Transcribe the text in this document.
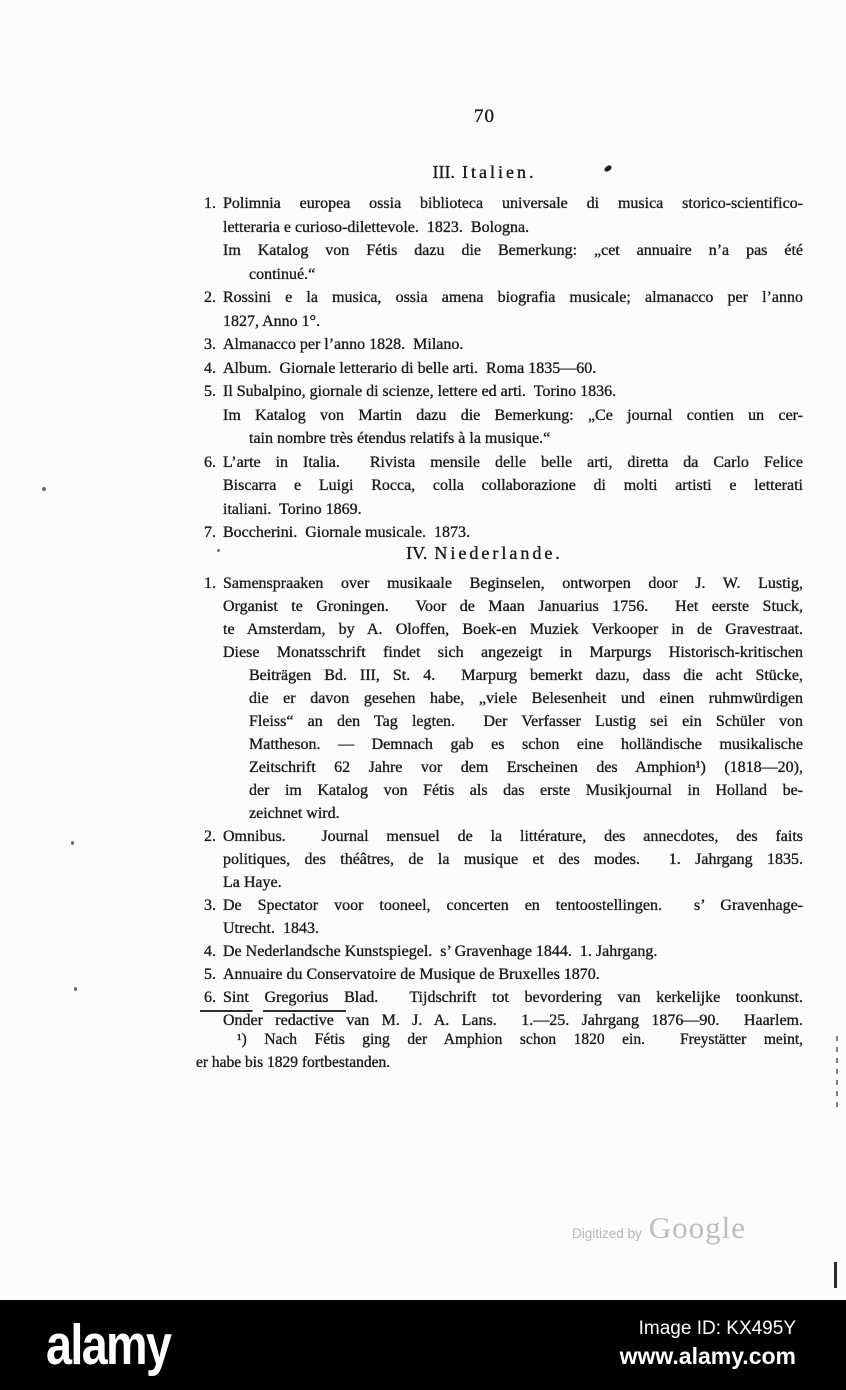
70
III. Italien.
1. Polimnia europea ossia biblioteca universale di musica storico-scientifico-
letteraria e curioso-dilettevole.  1823.  Bologna.
Im Katalog von Fétis dazu die Bemerkung: „cet annuaire n’a pas été
continué.“
2. Rossini e la musica, ossia amena biografia musicale; almanacco per l’anno
1827, Anno 1°.
3. Almanacco per l’anno 1828.  Milano.
4. Album.  Giornale letterario di belle arti.  Roma 1835—60.
5. Il Subalpino, giornale di scienze, lettere ed arti.  Torino 1836.
Im Katalog von Martin dazu die Bemerkung: „Ce journal contien un cer-
tain nombre très étendus relatifs à la musique.“
6. L’arte in Italia.  Rivista mensile delle belle arti, diretta da Carlo Felice
Biscarra e Luigi Rocca, colla collaborazione di molti artisti e letterati
italiani.  Torino 1869.
7. Boccherini.  Giornale musicale.  1873.
IV. Niederlande.
1. Samenspraaken over musikaale Beginselen, ontworpen door J. W. Lustig,
Organist te Groningen.  Voor de Maan Januarius 1756.  Het eerste Stuck,
te Amsterdam, by A. Oloffen, Boek-en Muziek Verkooper in de Gravestraat.
Diese Monatsschrift findet sich angezeigt in Marpurgs Historisch-kritischen
Beiträgen Bd. III, St. 4.  Marpurg bemerkt dazu, dass die acht Stücke,
die er davon gesehen habe, „viele Belesenheit und einen ruhmwürdigen
Fleiss“ an den Tag legten.  Der Verfasser Lustig sei ein Schüler von
Mattheson. — Demnach gab es schon eine holländische musikalische
Zeitschrift 62 Jahre vor dem Erscheinen des Amphion¹) (1818—20),
der im Katalog von Fétis als das erste Musikjournal in Holland be-
zeichnet wird.
2. Omnibus.  Journal mensuel de la littérature, des annecdotes, des faits
politiques, des théâtres, de la musique et des modes.  1. Jahrgang 1835.
La Haye.
3. De Spectator voor tooneel, concerten en tentoostellingen.  s’ Gravenhage-
Utrecht.  1843.
4. De Nederlandsche Kunstspiegel.  s’ Gravenhage 1844.  1. Jahrgang.
5. Annuaire du Conservatoire de Musique de Bruxelles 1870.
6. Sint Gregorius Blad.  Tijdschrift tot bevordering van kerkelijke toonkunst.
Onder redactive van M. J. A. Lans.  1.—25. Jahrgang 1876—90.  Haarlem.
¹) Nach Fétis ging der Amphion schon 1820 ein.  Freystätter meint,
er habe bis 1829 fortbestanden.
Digitized by Google
alamy	Image ID: KX495Y
www.alamy.com
